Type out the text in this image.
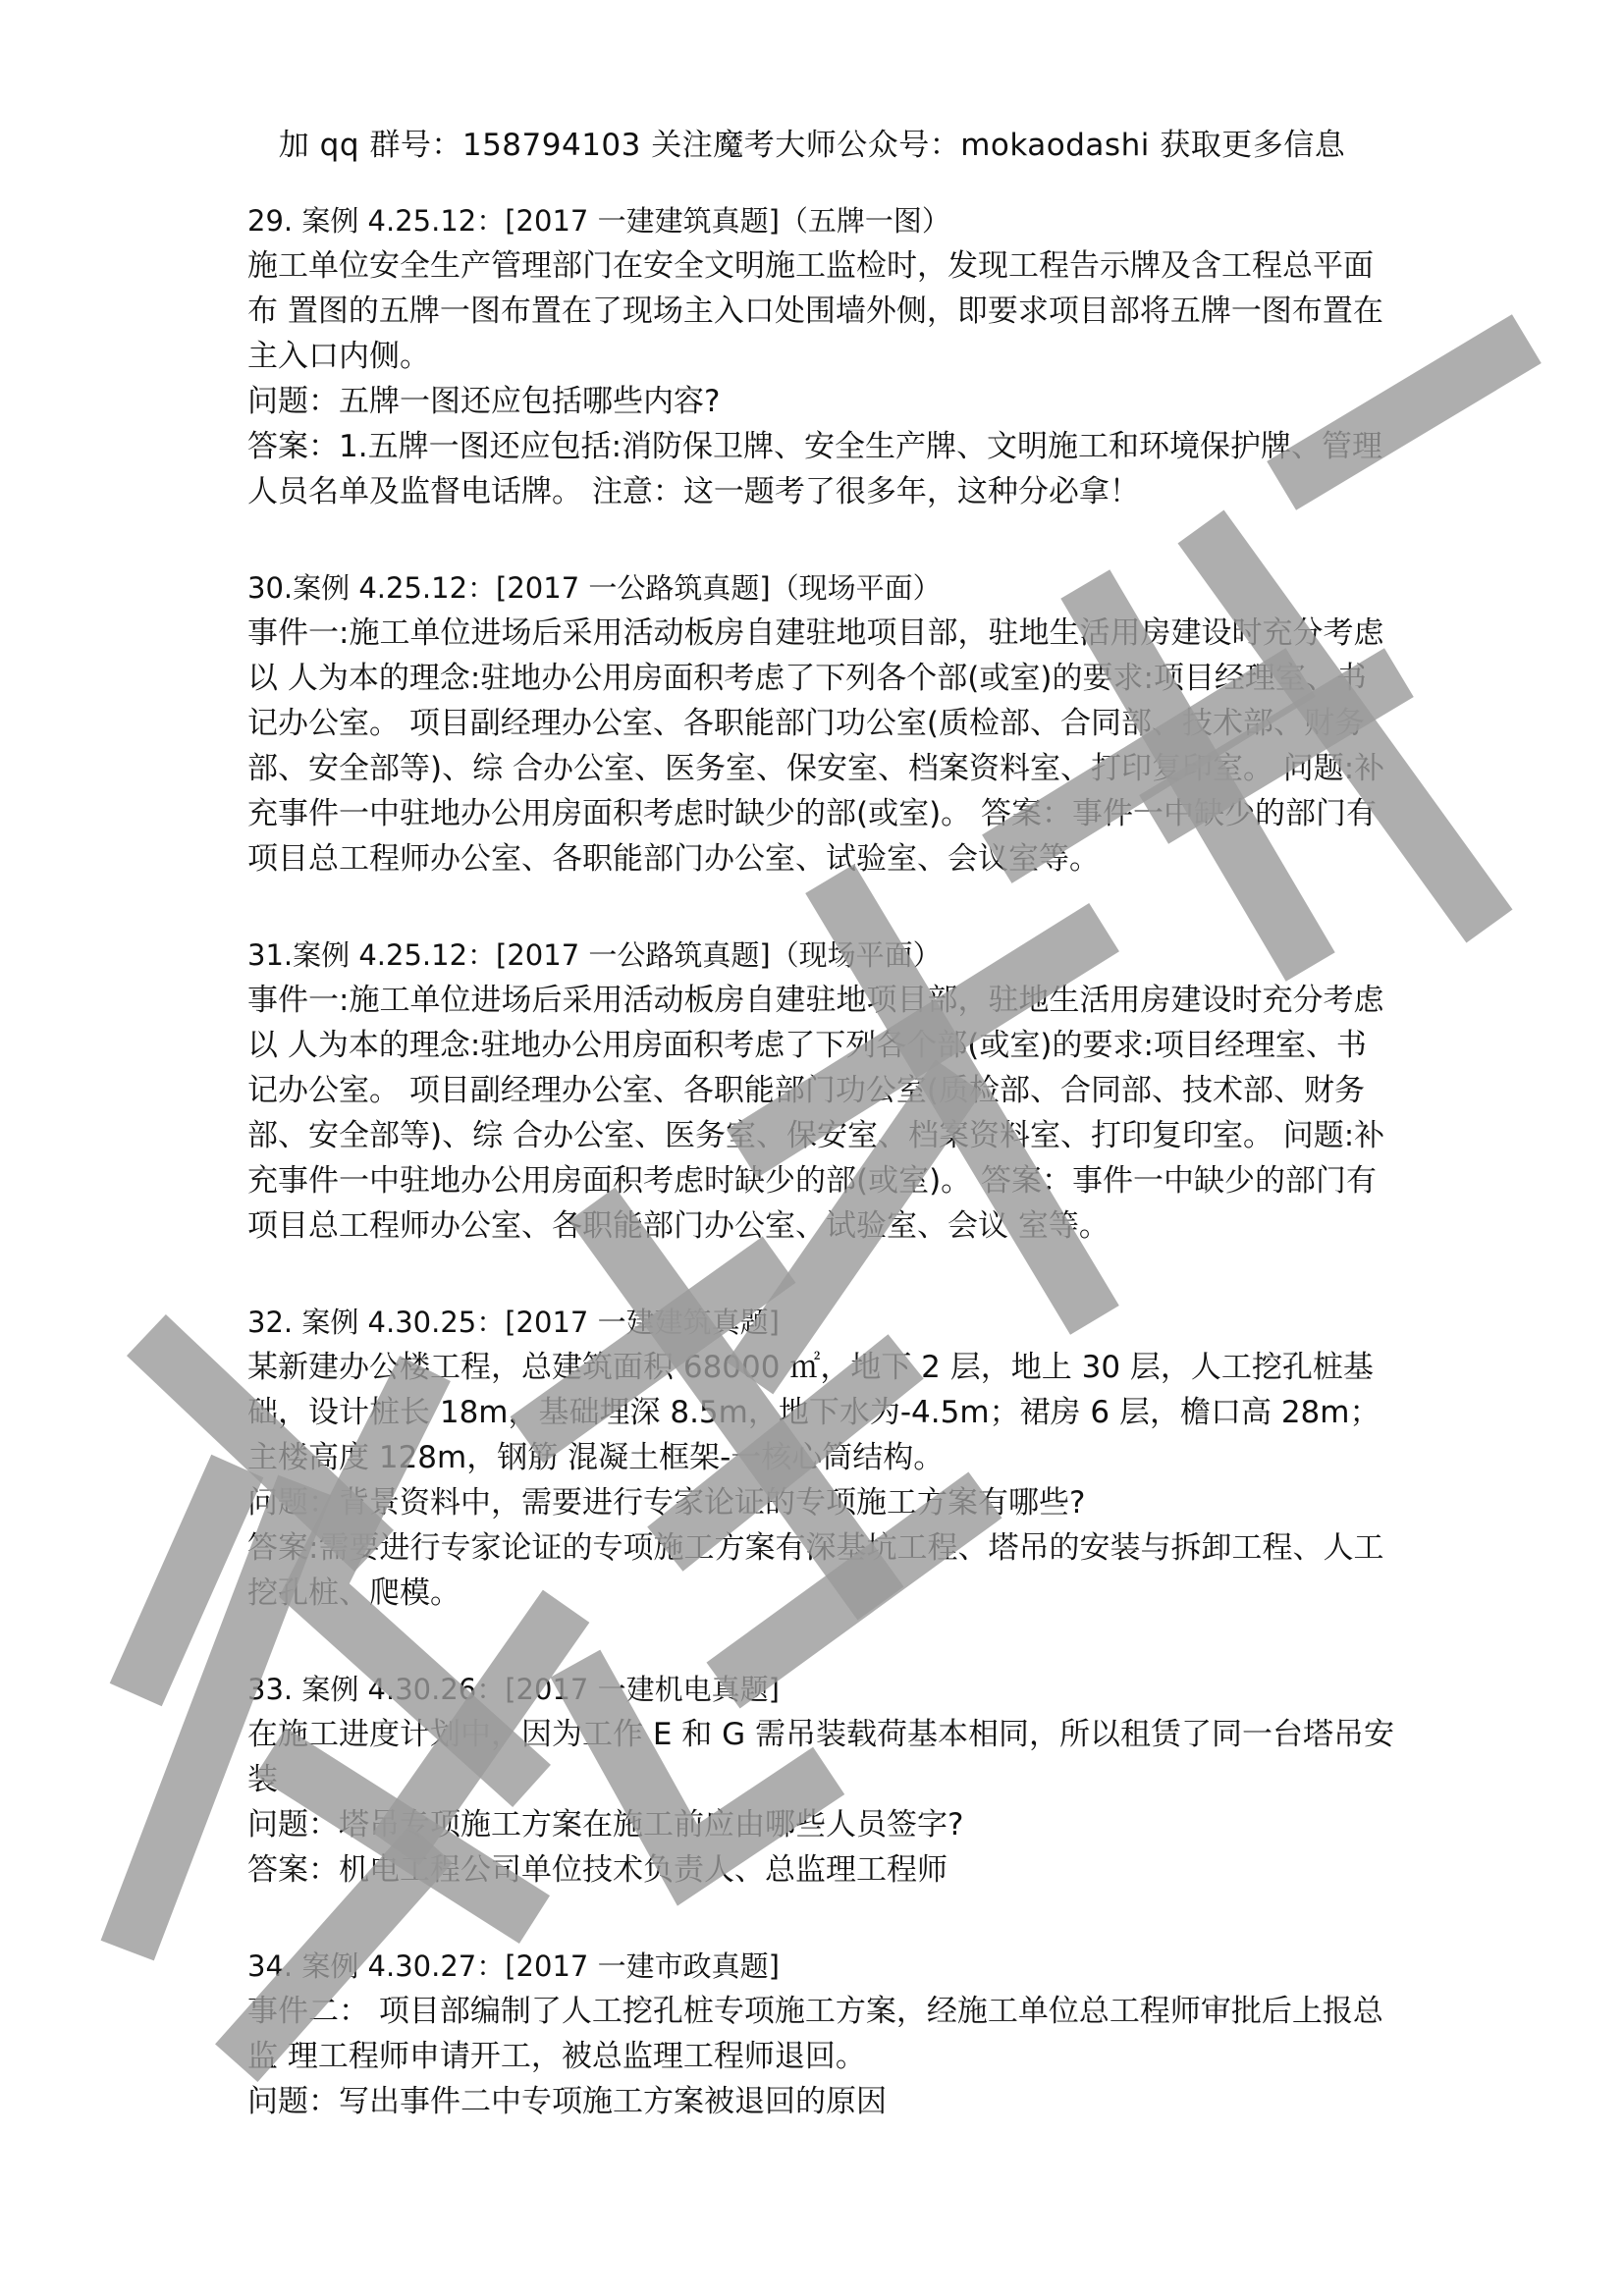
加 qq 群号：158794103 关注魔考大师公众号：mokaodashi 获取更多信息
29. 案例 4.25.12：[2017 一建建筑真题]（五牌一图）
施工单位安全生产管理部门在安全文明施工监检时，发现工程告示牌及含工程总平面布 置图的五牌一图布置在了现场主入口处围墙外侧，即要求项目部将五牌一图布置在主入口内侧。
问题：五牌一图还应包括哪些内容?
答案：1.五牌一图还应包括:消防保卫牌、安全生产牌、文明施工和环境保护牌、管理人员名单及监督电话牌。 注意：这一题考了很多年，这种分必拿！
30.案例 4.25.12：[2017 一公路筑真题]（现场平面）
事件一:施工单位进场后采用活动板房自建驻地项目部，驻地生活用房建设时充分考虑以 人为本的理念:驻地办公用房面积考虑了下列各个部(或室)的要求:项目经理室、书记办公室。 项目副经理办公室、各职能部门功公室(质检部、合同部、技术部、财务部、安全部等)、综 合办公室、医务室、保安室、档案资料室、打印复印室。 问题:补充事件一中驻地办公用房面积考虑时缺少的部(或室)。 答案：事件一中缺少的部门有项目总工程师办公室、各职能部门办公室、试验室、会议室等。
31.案例 4.25.12：[2017 一公路筑真题]（现场平面）
事件一:施工单位进场后采用活动板房自建驻地项目部，驻地生活用房建设时充分考虑以 人为本的理念:驻地办公用房面积考虑了下列各个部(或室)的要求:项目经理室、书记办公室。 项目副经理办公室、各职能部门功公室(质检部、合同部、技术部、财务部、安全部等)、综 合办公室、医务室、保安室、档案资料室、打印复印室。 问题:补充事件一中驻地办公用房面积考虑时缺少的部(或室)。 答案：事件一中缺少的部门有项目总工程师办公室、各职能部门办公室、试验室、会议 室等。
32. 案例 4.30.25：[2017 一建建筑真题]
某新建办公楼工程，总建筑面积 68000 ㎡，地下 2 层，地上 30 层，人工挖孔桩基础，设计桩长 18m，基础埋深 8.5m，地下水为-4.5m；裙房 6 层，檐口高 28m；主楼高度 128m，钢筋 混凝土框架-一核心筒结构。
问题：背景资料中，需要进行专家论证的专项施工方案有哪些?
答案:需要进行专家论证的专项施工方案有深基坑工程、塔吊的安装与拆卸工程、人工挖孔桩、爬模。
33. 案例 4.30.26：[2017 一建机电真题]
在施工进度计划中，因为工作 E 和 G 需吊装载荷基本相同，所以租赁了同一台塔吊安装
问题：塔吊专项施工方案在施工前应由哪些人员签字?
答案：机电工程公司单位技术负责人、总监理工程师
34. 案例 4.30.27：[2017 一建市政真题]
事件二： 项目部编制了人工挖孔桩专项施工方案，经施工单位总工程师审批后上报总监 理工程师申请开工，被总监理工程师退回。
问题：写出事件二中专项施工方案被退回的原因
